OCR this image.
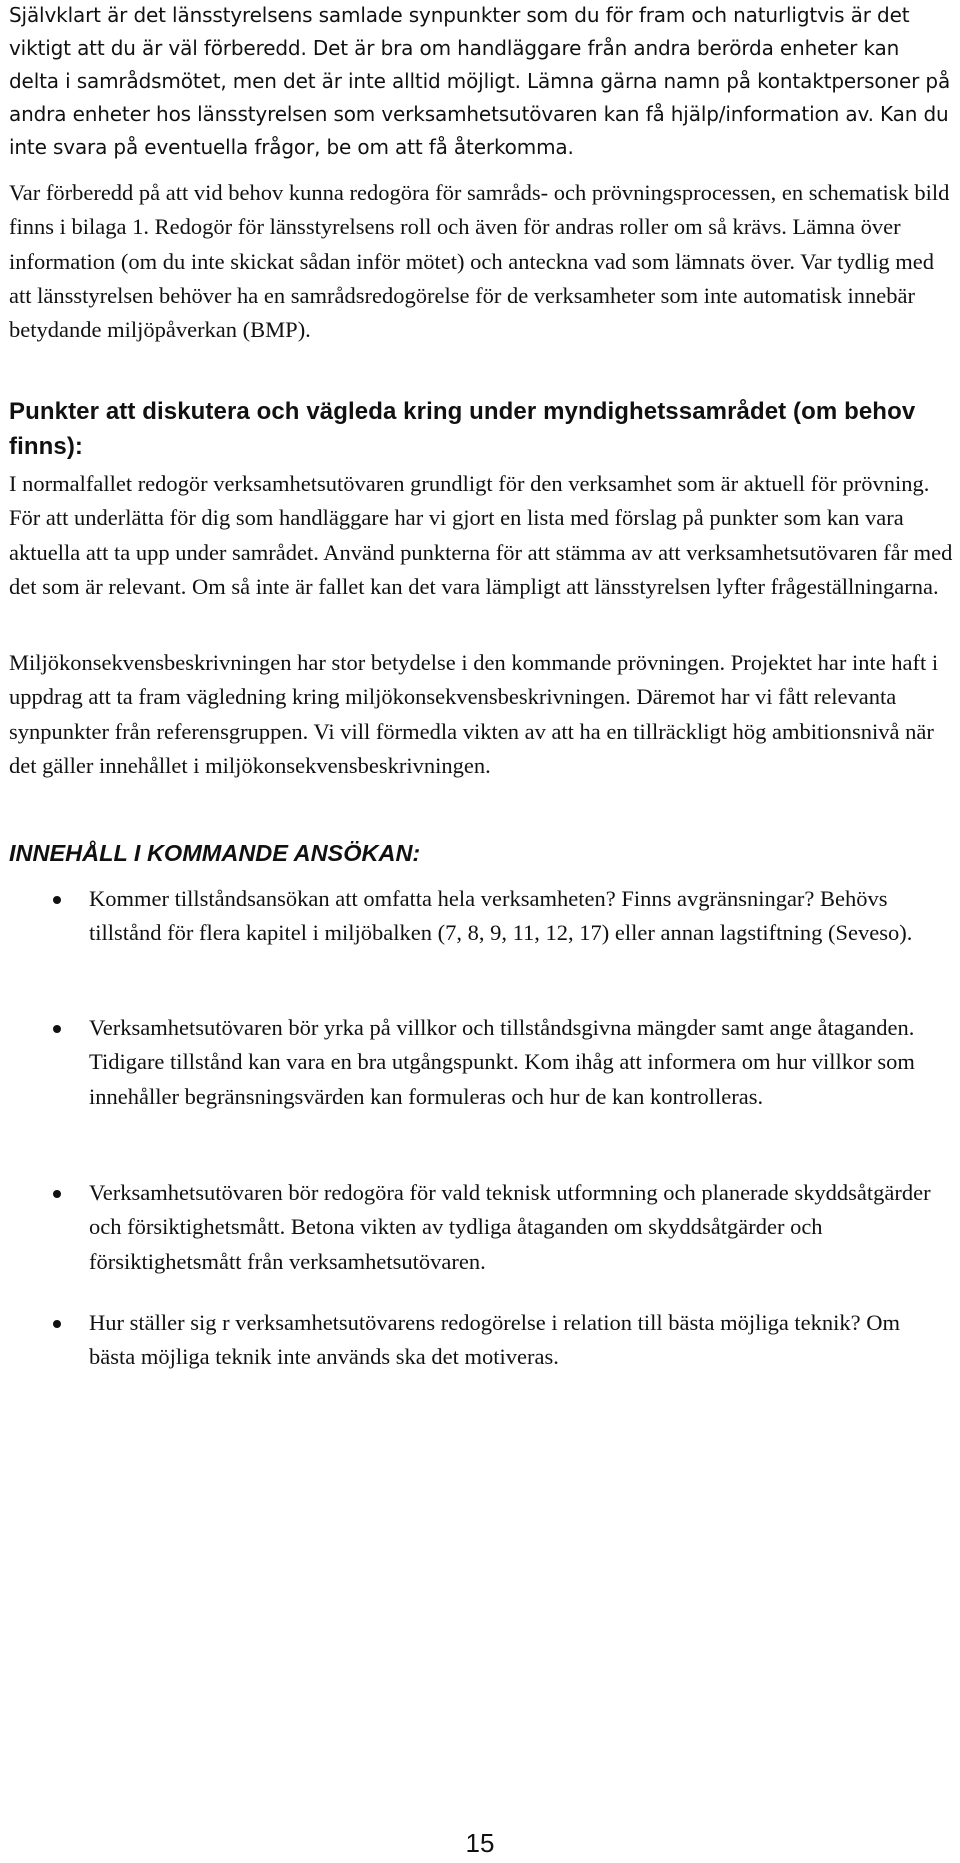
Självklart är det länsstyrelsens samlade synpunkter som du för fram och naturligtvis är det viktigt att du är väl förberedd. Det är bra om handläggare från andra berörda enheter kan delta i samrådsmötet, men det är inte alltid möjligt. Lämna gärna namn på kontaktpersoner på andra enheter hos länsstyrelsen som verksamhetsutövaren kan få hjälp/information av. Kan du inte svara på eventuella frågor, be om att få återkomma.

Var förberedd på att vid behov kunna redogöra för samråds- och prövningsprocessen, en schematisk bild finns i bilaga 1. Redogör för länsstyrelsens roll och även för andras roller om så krävs. Lämna över information (om du inte skickat sådan inför mötet) och anteckna vad som lämnats över. Var tydlig med att länsstyrelsen behöver ha en samrådsredogörelse för de verksamheter som inte automatisk innebär betydande miljöpåverkan (BMP).

Punkter att diskutera och vägleda kring under myndighetssamrådet (om behov finns):

I normalfallet redogör verksamhetsutövaren grundligt för den verksamhet som är aktuell för prövning. För att underlätta för dig som handläggare har vi gjort en lista med förslag på punkter som kan vara aktuella att ta upp under samrådet. Använd punkterna för att stämma av att verksamhetsutövaren får med det som är relevant. Om så inte är fallet kan det vara lämpligt att länsstyrelsen lyfter frågeställningarna.

Miljökonsekvensbeskrivningen har stor betydelse i den kommande prövningen. Projektet har inte haft i uppdrag att ta fram vägledning kring miljökonsekvensbeskrivningen. Däremot har vi fått relevanta synpunkter från referensgruppen. Vi vill förmedla vikten av att ha en tillräckligt hög ambitionsnivå när det gäller innehållet i miljökonsekvensbeskrivningen.

INNEHÅLL I KOMMANDE ANSÖKAN:

Kommer tillståndsansökan att omfatta hela verksamheten? Finns avgränsningar? Behövs tillstånd för flera kapitel i miljöbalken (7, 8, 9, 11, 12, 17) eller annan lagstiftning (Seveso).

Verksamhetsutövaren bör yrka på villkor och tillståndsgivna mängder samt ange åtaganden. Tidigare tillstånd kan vara en bra utgångspunkt. Kom ihåg att informera om hur villkor som innehåller begränsningsvärden kan formuleras och hur de kan kontrolleras.

Verksamhetsutövaren bör redogöra för vald teknisk utformning och planerade skyddsåtgärder och försiktighetsmått. Betona vikten av tydliga åtaganden om skyddsåtgärder och försiktighetsmått från verksamhetsutövaren.

Hur ställer sig r verksamhetsutövarens redogörelse i relation till bästa möjliga teknik? Om bästa möjliga teknik inte används ska det motiveras.

15
